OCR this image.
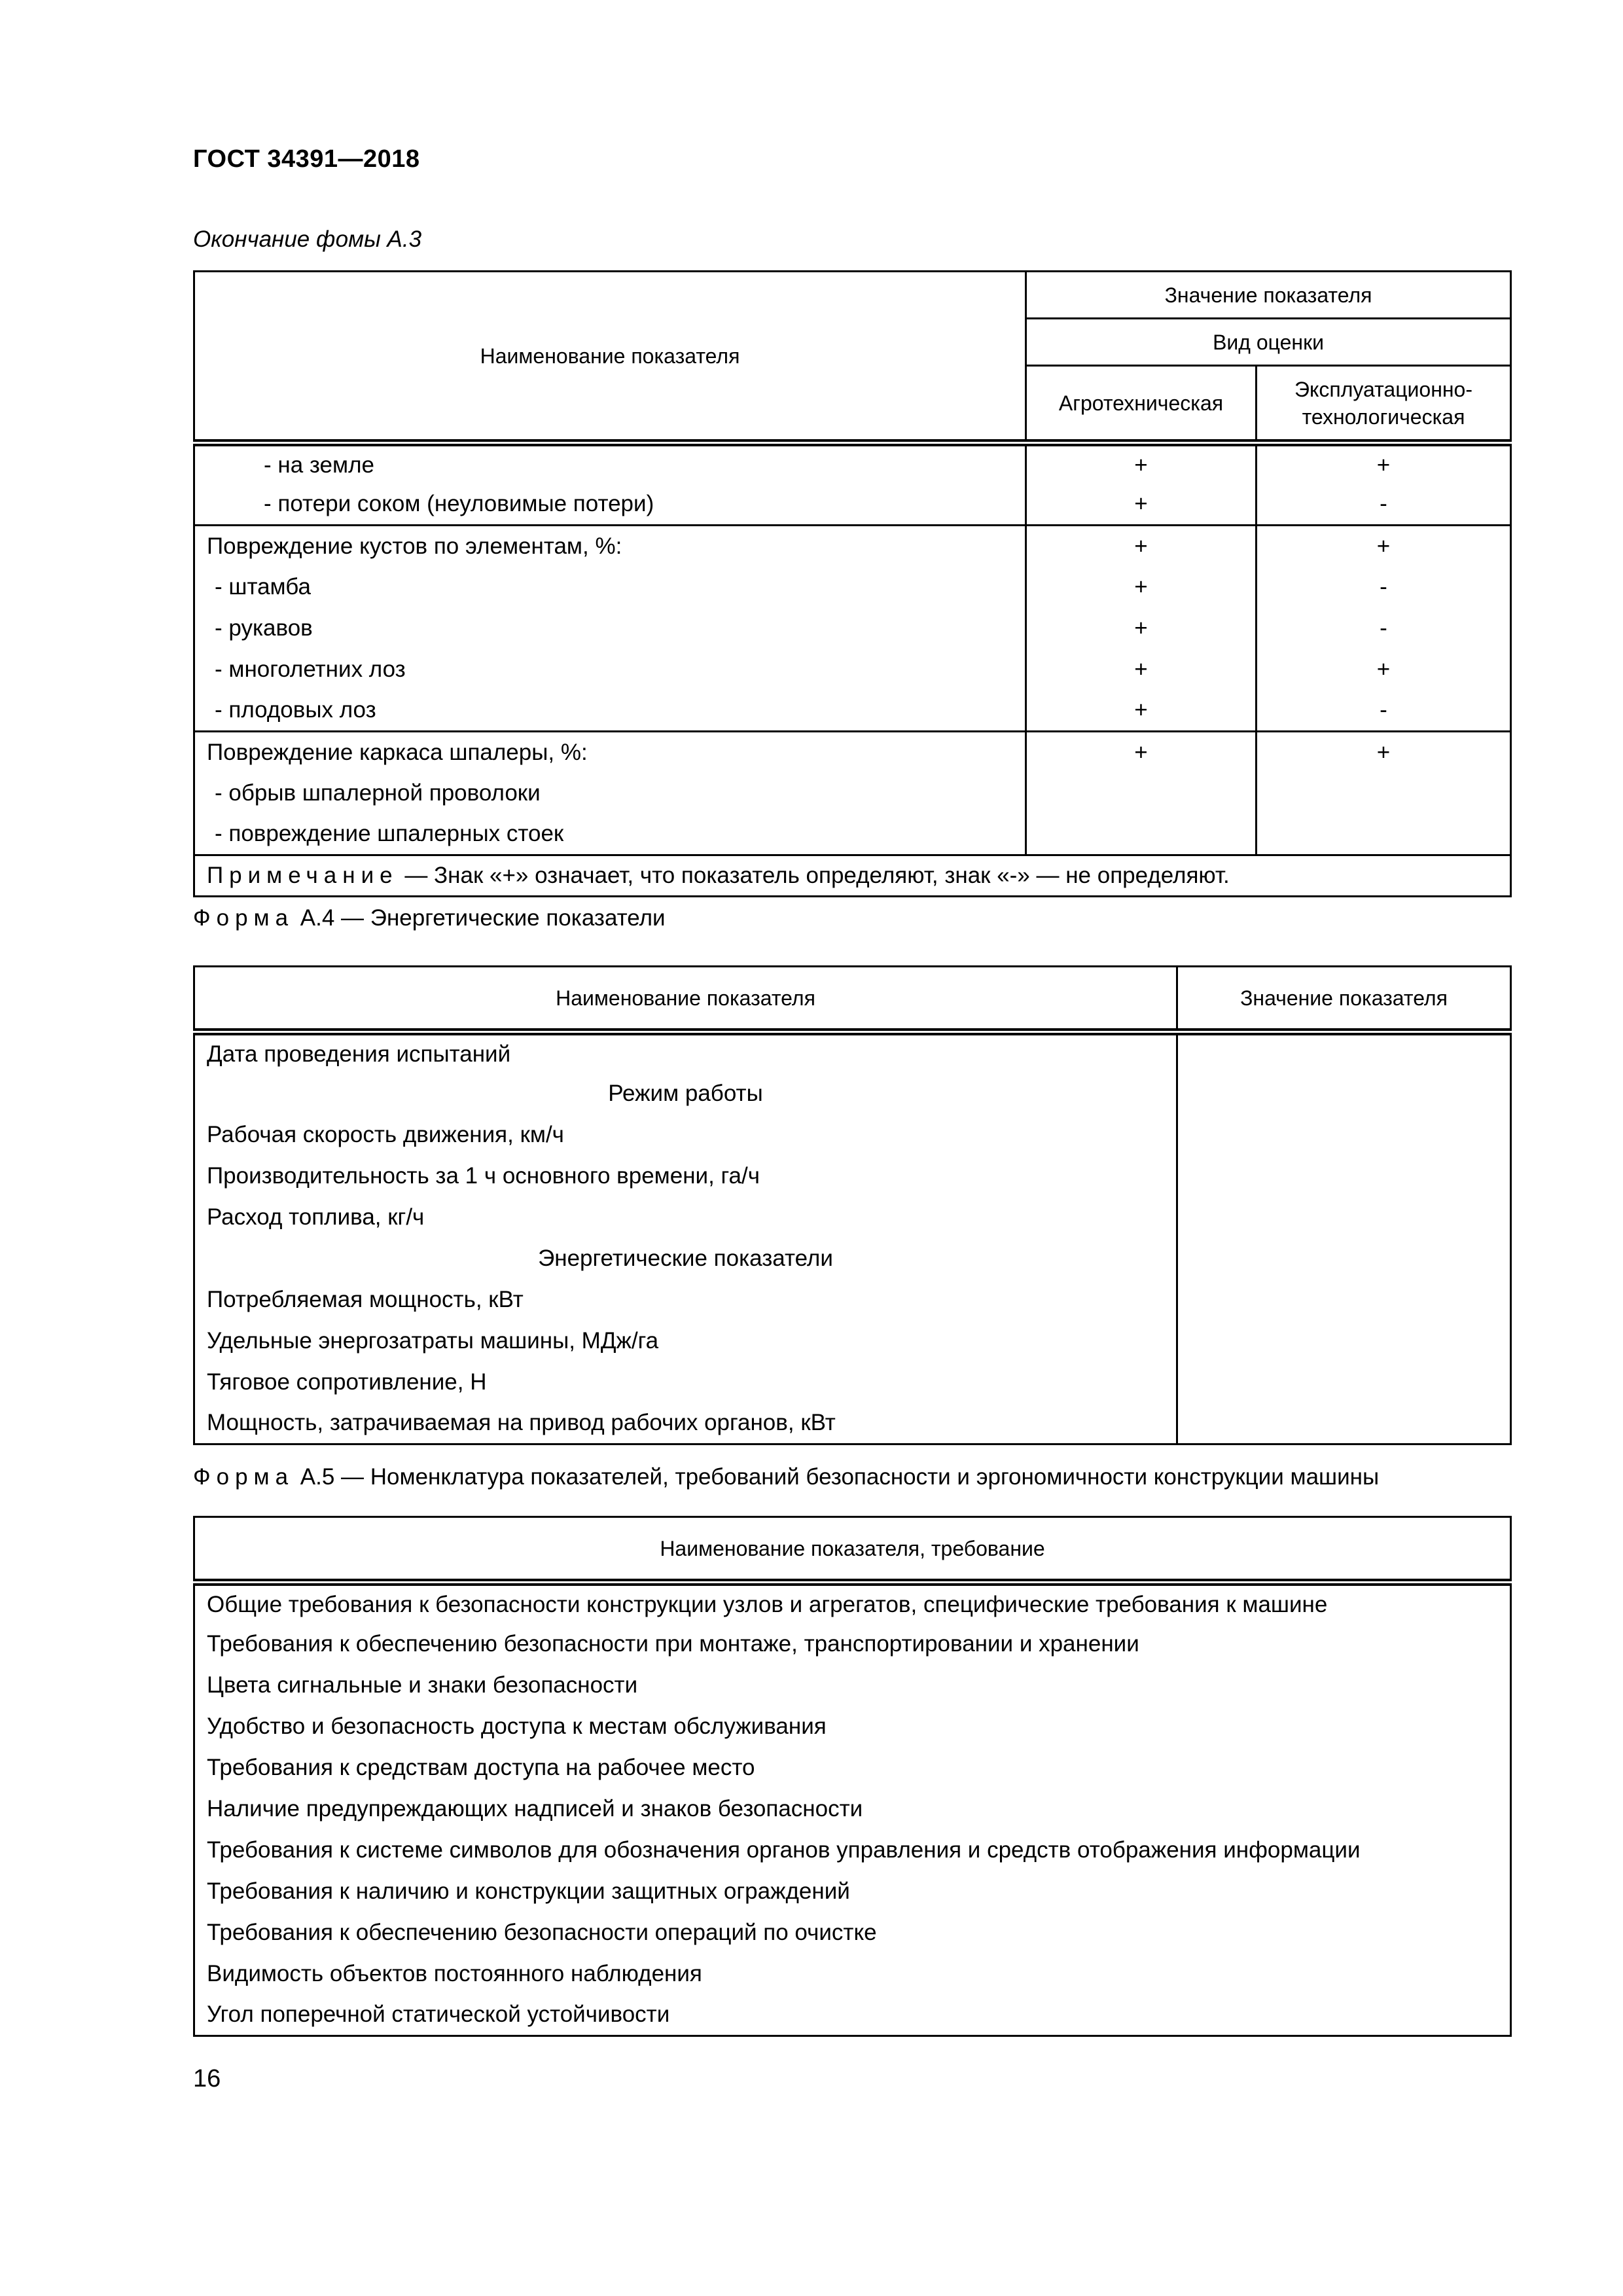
ГОСТ 34391—2018
Окончание фомы А.3
Наименование показателя	Значение показателя	
	Вид оценки	
	Агротехническая	Эксплуатационно-
технологическая
- на земле	+	+
- потери соком (неуловимые потери)	+	-
Повреждение кустов по элементам, %:	+	+
- штамба	+	-
- рукавов	+	-
- многолетних лоз	+	+
- плодовых лоз	+	-
Повреждение каркаса шпалеры, %:	+	+
- обрыв шпалерной проволоки		
- повреждение шпалерных стоек		
Примечание — Знак «+» означает, что показатель определяют, знак «-» — не определяют.		
Форма А.4 — Энергетические показатели
Наименование показателя	Значение показателя
Дата проведения испытаний	
Режим работы	
Рабочая скорость движения, км/ч	
Производительность за 1 ч основного времени, га/ч	
Расход топлива, кг/ч	
Энергетические показатели	
Потребляемая мощность, кВт	
Удельные энергозатраты машины, МДж/га	
Тяговое сопротивление, Н	
Мощность, затрачиваемая на привод рабочих органов, кВт	
Форма А.5 — Номенклатура показателей, требований безопасности и эргономичности конструкции машины
Наименование показателя, требование
Общие требования к безопасности конструкции узлов и агрегатов, специфические требования к машине
Требования к обеспечению безопасности при монтаже, транспортировании и хранении
Цвета сигнальные и знаки безопасности
Удобство и безопасность доступа к местам обслуживания
Требования к средствам доступа на рабочее место
Наличие предупреждающих надписей и знаков безопасности
Требования к системе символов для обозначения органов управления и средств отображения информации
Требования к наличию и конструкции защитных ограждений
Требования к обеспечению безопасности операций по очистке
Видимость объектов постоянного наблюдения
Угол поперечной статической устойчивости
16
